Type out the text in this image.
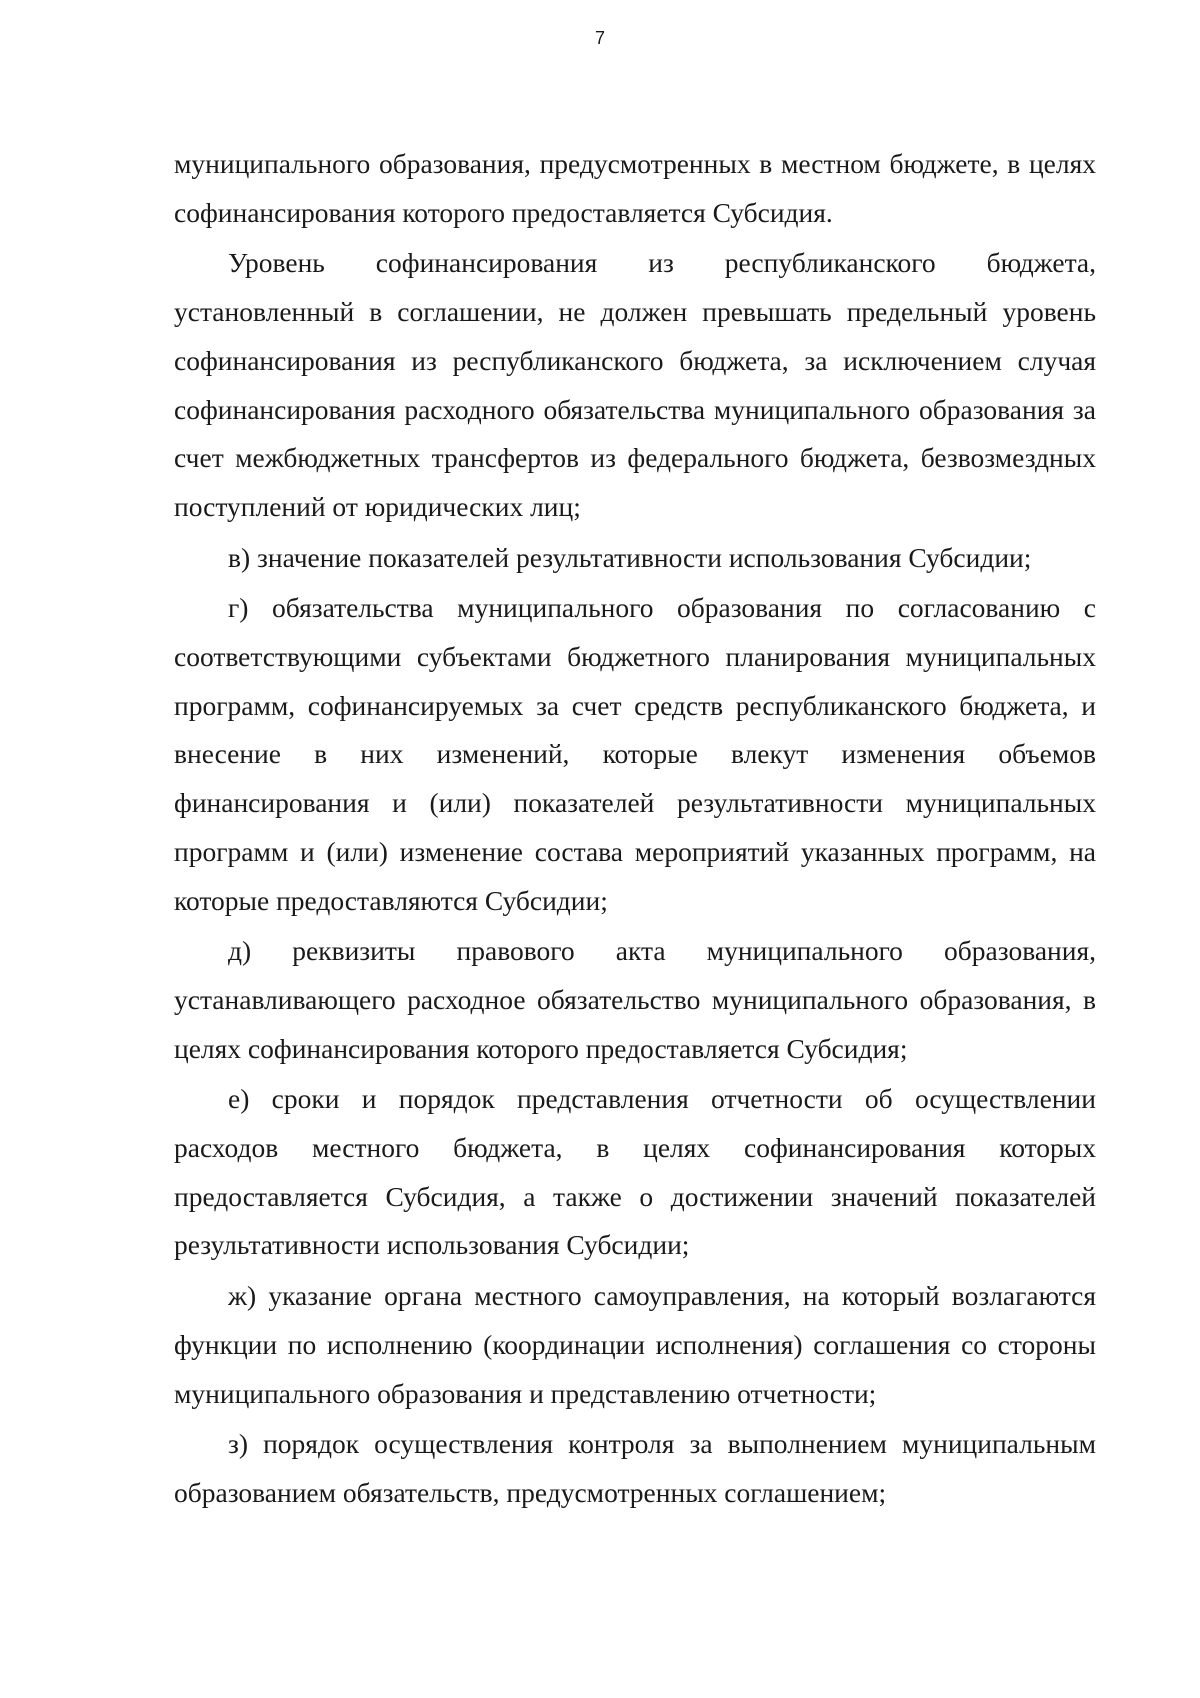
7

муниципального образования, предусмотренных в местном бюджете, в целях софинансирования которого предоставляется Субсидия.

Уровень софинансирования из республиканского бюджета, установленный в соглашении, не должен превышать предельный уровень софинансирования из республиканского бюджета, за исключением случая софинансирования расходного обязательства муниципального образования за счет межбюджетных трансфертов из федерального бюджета, безвозмездных поступлений от юридических лиц;

в) значение показателей результативности использования Субсидии;

г) обязательства муниципального образования по согласованию с соответствующими субъектами бюджетного планирования муниципальных программ, софинансируемых за счет средств республиканского бюджета, и внесение в них изменений, которые влекут изменения объемов финансирования и (или) показателей результативности муниципальных программ и (или) изменение состава мероприятий указанных программ, на которые предоставляются Субсидии;

д) реквизиты правового акта муниципального образования, устанавливающего расходное обязательство муниципального образования, в целях софинансирования которого предоставляется Субсидия;

е) сроки и порядок представления отчетности об осуществлении расходов местного бюджета, в целях софинансирования которых предоставляется Субсидия, а также о достижении значений показателей результативности использования Субсидии;

ж) указание органа местного самоуправления, на который возлагаются функции по исполнению (координации исполнения) соглашения со стороны муниципального образования и представлению отчетности;

з) порядок осуществления контроля за выполнением муниципальным образованием обязательств, предусмотренных соглашением;
